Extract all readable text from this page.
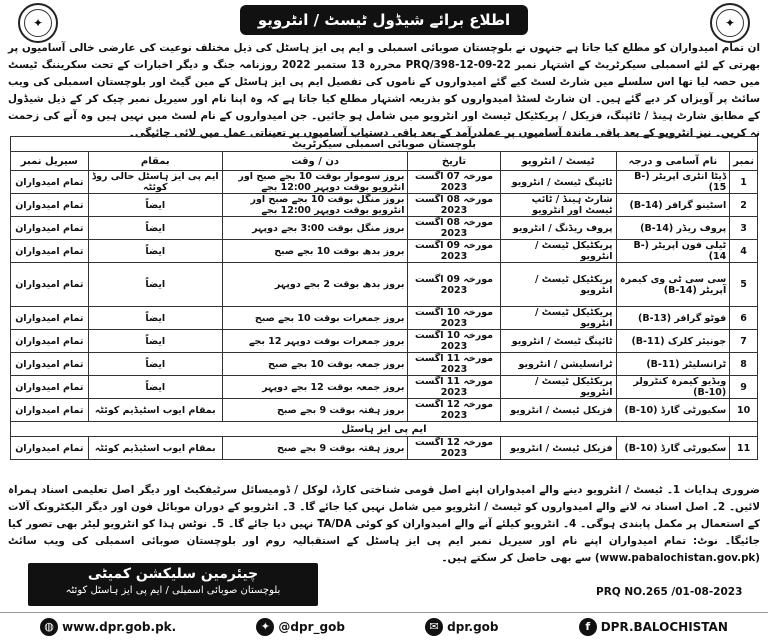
✦	اطلاع برائے شیڈول ٹیسٹ / انٹرویو	✦
ان تمام امیدواران کو مطلع کیا جاتا ہے جنہوں نے بلوچستان صوبائی اسمبلی و ایم پی ایز ہاسٹل کی ذیل مختلف نوعیت کی عارضی خالی آسامیوں پر بھرتی کے لئے اسمبلی سیکرٹریٹ کے اشتہار نمبر PRQ/398-12-09-22 محررہ 13 ستمبر 2022 روزنامہ جنگ و دیگر اخبارات کے تحت سکریننگ ٹیسٹ میں حصہ لیا تھا اس سلسلے میں شارٹ لسٹ کیے گئے امیدواروں کے ناموں کی تفصیل ایم پی ایز ہاسٹل کے مین گیٹ اور بلوچستان اسمبلی کی ویب سائٹ پر آویزاں کر دیے گئے ہیں۔ ان شارٹ لسٹڈ امیدواروں کو بذریعہ اشتہار مطلع کیا جاتا ہے کہ وہ اپنا نام اور سیریل نمبر چیک کر کے ذیل شیڈول کے مطابق شارٹ ہینڈ / ٹائپنگ، فزیکل / پریکٹیکل ٹیسٹ اور انٹرویو میں شامل ہو جائیں۔ جن امیدواروں کے نام لسٹ میں نہیں ہیں وہ آنے کی زحمت نہ کریں۔ نیز انٹرویو کے بعد باقی ماندہ آسامیوں پر عملدرآمد کے بعد باقی دستیاب آسامیوں پر تعیناتی عمل میں لائی جائیگی۔
بلوچستان صوبائی اسمبلی سیکرٹریٹ						
نمبر	نام آسامی و درجہ	ٹیسٹ / انٹرویو	تاریخ	دن / وقت	بمقام	سیریل نمبر
1	ڈیٹا انٹری آپریٹر (B-15)	ٹائپنگ ٹیسٹ / انٹرویو	مورخہ 07 اگست 2023	بروز سوموار بوقت 10 بجے صبح اور انٹرویو بوقت دوپہر 12:00 بجے	ایم پی ایز ہاسٹل حالی روڈ کوئٹہ	تمام امیدواران
2	اسٹینو گرافر (B-14)	شارٹ ہینڈ / ٹائپ ٹیسٹ اور انٹرویو	مورخہ 08 اگست 2023	بروز منگل بوقت 10 بجے صبح اور انٹرویو بوقت دوپہر 12:00 بجے	ایضاً	تمام امیدواران
3	پروف ریڈر (B-14)	پروف ریڈنگ / انٹرویو	مورخہ 08 اگست 2023	بروز منگل بوقت 3:00 بجے دوپہر	ایضاً	تمام امیدواران
4	ٹیلی فون آپریٹر (B-14)	پریکٹیکل ٹیسٹ / انٹرویو	مورخہ 09 اگست 2023	بروز بدھ بوقت 10 بجے صبح	ایضاً	تمام امیدواران
5	سی سی ٹی وی کیمرہ آپریٹر (B-14)	پریکٹیکل ٹیسٹ / انٹرویو	مورخہ 09 اگست 2023	بروز بدھ بوقت 2 بجے دوپہر	ایضاً	تمام امیدواران
6	فوٹو گرافر (B-13)	پریکٹیکل ٹیسٹ / انٹرویو	مورخہ 10 اگست 2023	بروز جمعرات بوقت 10 بجے صبح	ایضاً	تمام امیدواران
7	جونیئر کلرک (B-11)	ٹائپنگ ٹیسٹ / انٹرویو	مورخہ 10 اگست 2023	بروز جمعرات بوقت دوپہر 12 بجے	ایضاً	تمام امیدواران
8	ٹرانسلیٹر (B-11)	ٹرانسلیشن / انٹرویو	مورخہ 11 اگست 2023	بروز جمعہ بوقت 10 بجے صبح	ایضاً	تمام امیدواران
9	ویڈیو کیمرہ کنٹرولر (B-10)	پریکٹیکل ٹیسٹ / انٹرویو	مورخہ 11 اگست 2023	بروز جمعہ بوقت 12 بجے دوپہر	ایضاً	تمام امیدواران
10	سکیورٹی گارڈ (B-10)	فزیکل ٹیسٹ / انٹرویو	مورخہ 12 اگست 2023	بروز ہفتہ بوقت 9 بجے صبح	بمقام ایوب اسٹیڈیم کوئٹہ	تمام امیدواران
ایم پی ایز ہاسٹل						
11	سکیورٹی گارڈ (B-10)	فزیکل ٹیسٹ / انٹرویو	مورخہ 12 اگست 2023	بروز ہفتہ بوقت 9 بجے صبح	بمقام ایوب اسٹیڈیم کوئٹہ	تمام امیدواران
ضروری ہدایات 1۔ ٹیسٹ / انٹرویو دینے والے امیدواران اپنے اصل قومی شناختی کارڈ، لوکل / ڈومیسائل سرٹیفکیٹ اور دیگر اصل تعلیمی اسناد ہمراہ لائیں۔ 2۔ اصل اسناد نہ لانے والے امیدواروں کو ٹیسٹ / انٹرویو میں شامل نہیں کیا جائے گا۔ 3۔ انٹرویو کے دوران موبائل فون اور دیگر الیکٹرونک آلات کے استعمال پر مکمل پابندی ہوگی۔ 4۔ انٹرویو کیلئے آنے والے امیدواران کو کوئی TA/DA نہیں دیا جائے گا۔ 5۔ نوٹس ہذا کو انٹرویو لیٹر بھی تصور کیا جائیگا۔ نوٹ: تمام امیدواران اپنے نام اور سیریل نمبر ایم پی ایز ہاسٹل کے استقبالیہ روم اور بلوچستان صوبائی اسمبلی کی ویب سائٹ (www.pabalochistan.gov.pk) سے بھی حاصل کر سکتے ہیں۔
چیئرمین سلیکشن کمیٹی
بلوچستان صوبائی اسمبلی / ایم پی ایز ہاسٹل کوئٹہ	PRQ NO.265 /01-08-2023
◍ www.dpr.gob.pk.	✦ @dpr_gob	✉ dpr.gob	f DPR.BALOCHISTAN
